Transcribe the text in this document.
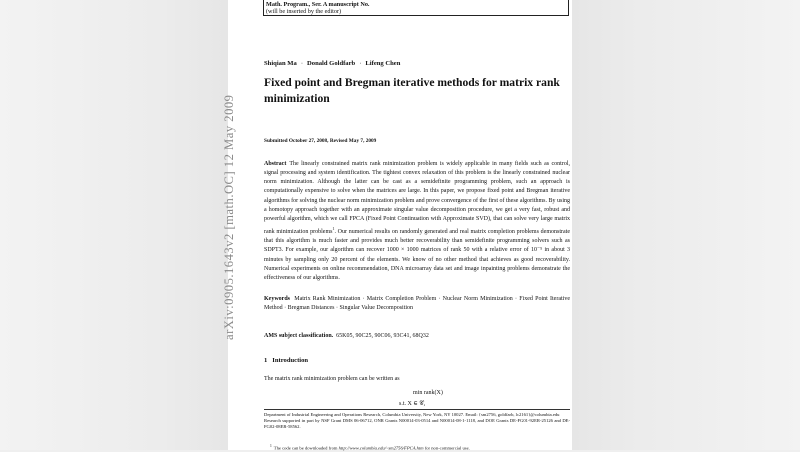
arXiv:0905.1643v2 [math.OC] 12 May 2009
Math. Program., Ser. A manuscript No.
(will be inserted by the editor)
Shiqian Ma · Donald Goldfarb · Lifeng Chen
Fixed point and Bregman iterative methods for matrix rank minimization
Submitted October 27, 2008, Revised May 7, 2009
Abstract The linearly constrained matrix rank minimization problem is widely applicable in many fields such as control, signal processing and system identification. The tightest convex relaxation of this problem is the linearly constrained nuclear norm minimization. Although the latter can be cast as a semidefinite programming problem, such an approach is computationally expensive to solve when the matrices are large. In this paper, we propose fixed point and Bregman iterative algorithms for solving the nuclear norm minimization problem and prove convergence of the first of these algorithms. By using a homotopy approach together with an approximate singular value decomposition procedure, we get a very fast, robust and powerful algorithm, which we call FPCA (Fixed Point Continuation with Approximate SVD), that can solve very large matrix rank minimization problems$^1$. Our numerical results on randomly generated and real matrix completion problems demonstrate that this algorithm is much faster and provides much better recoverability than semidefinite programming solvers such as SDPT3. For example, our algorithm can recover 1000 × 1000 matrices of rank 50 with a relative error of 10⁻⁵ in about 3 minutes by sampling only 20 percent of the elements. We know of no other method that achieves as good recoverability. Numerical experiments on online recommendation, DNA microarray data set and image inpainting problems demonstrate the effectiveness of our algorithms.
Keywords Matrix Rank Minimization · Matrix Completion Problem · Nuclear Norm Minimization · Fixed Point Iterative Method · Bregman Distances · Singular Value Decomposition
AMS subject classification. 65K05, 90C25, 90C06, 93C41, 68Q32
1 Introduction
The matrix rank minimization problem can be written as
min rank(X)
s.t. X ∈ 𝒞,
Department of Industrial Engineering and Operations Research, Columbia University, New York, NY 10027. Email: {sm2756, goldfarb, lc2161}@columbia.edu
Research supported in part by NSF Grant DMS 06-06712, ONR Grants N00014-03-0514 and N00014-08-1-1118, and DOE Grants DE-FG01-92ER-25126 and DE-FG02-08ER-58562.
$^1$ The code can be downloaded from http://www.columbia.edu/~sm2756/FPCA.htm for non-commercial use.
